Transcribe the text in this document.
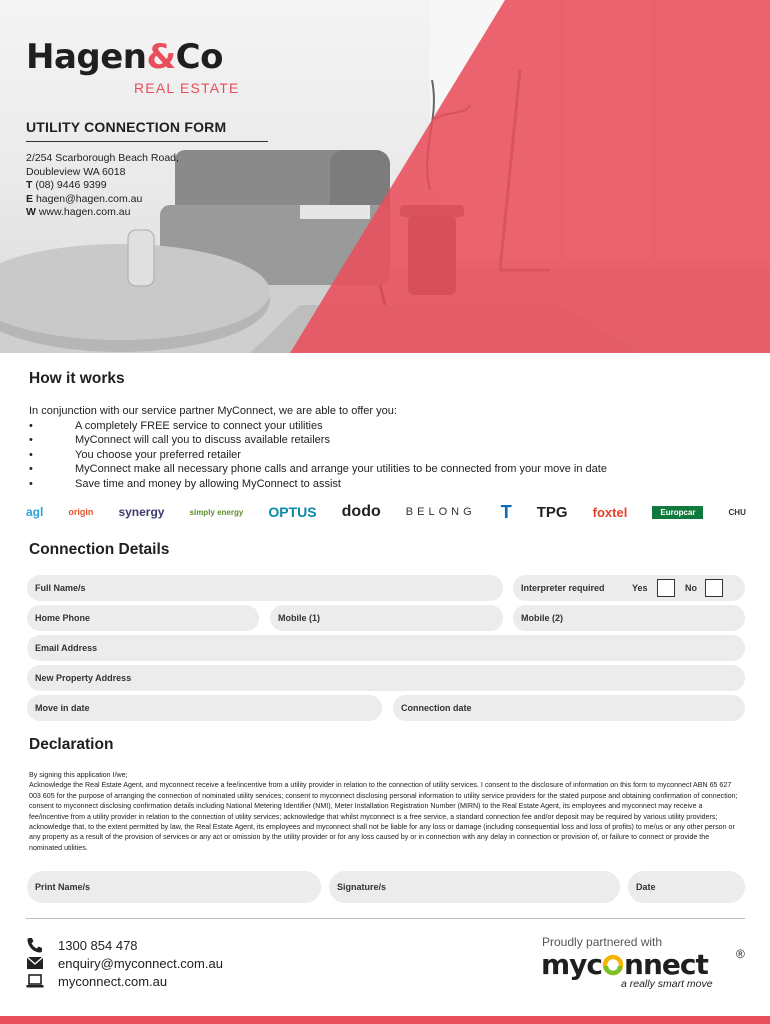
Hagen&Co
REAL ESTATE
UTILITY CONNECTION FORM
2/254 Scarborough Beach Road,
Doubleview WA 6018
T (08) 9446 9399
E hagen@hagen.com.au
W www.hagen.com.au
How it works
In conjunction with our service partner MyConnect, we are able to offer you:
•	A completely FREE service to connect your utilities
•	MyConnect will call you to discuss available retailers
•	You choose your preferred retailer
•	MyConnect make all necessary phone calls and arrange your utilities to be connected from your move in date
•	Save time and money by allowing MyConnect to assist
agl	origin synergy	simply energy OPTUS dodo BELONG T TPG foxtel	Europcar	CHU
Connection Details
Full Name/s	Interpreter required	Yes	No
Home Phone	Mobile (1)	Mobile (2)
Email Address
New Property Address
Move in date	Connection date
Declaration
By signing this application I/we;
Acknowledge the Real Estate Agent, and myconnect receive a fee/incentive from a utility provider in relation to the connection of utility services. I consent to the disclosure of information on this form to myconnect ABN 65 627 003 605 for the purpose of arranging the connection of nominated utility services; consent to myconnect disclosing personal information to utility service providers for the stated purpose and obtaining confirmation of connection; consent to myconnect disclosing confirmation details including National Metering Identifier (NMI), Meter Installation Registration Number (MIRN) to the Real Estate Agent, its employees and myconnect may receive a fee/incentive from a utility provider in relation to the connection of utility services; acknowledge that whilst myconnect is a free service, a standard connection fee and/or deposit may be required by various utility providers; acknowledge that, to the extent permitted by law, the Real Estate Agent, its employees and myconnect shall not be liable for any loss or damage (including consequential loss and loss of profits) to me/us or any other person or any property as a result of the provision of services or any act or omission by the utility provider or for any loss caused by or in connection with any delay in connection or provision of, or failure to connect or provide the nominated utilities.
Print Name/s	Signature/s	Date
1300 854 478
enquiry@myconnect.com.au
myconnect.com.au
Proudly partnered with
myc nnect ®
a really smart move
